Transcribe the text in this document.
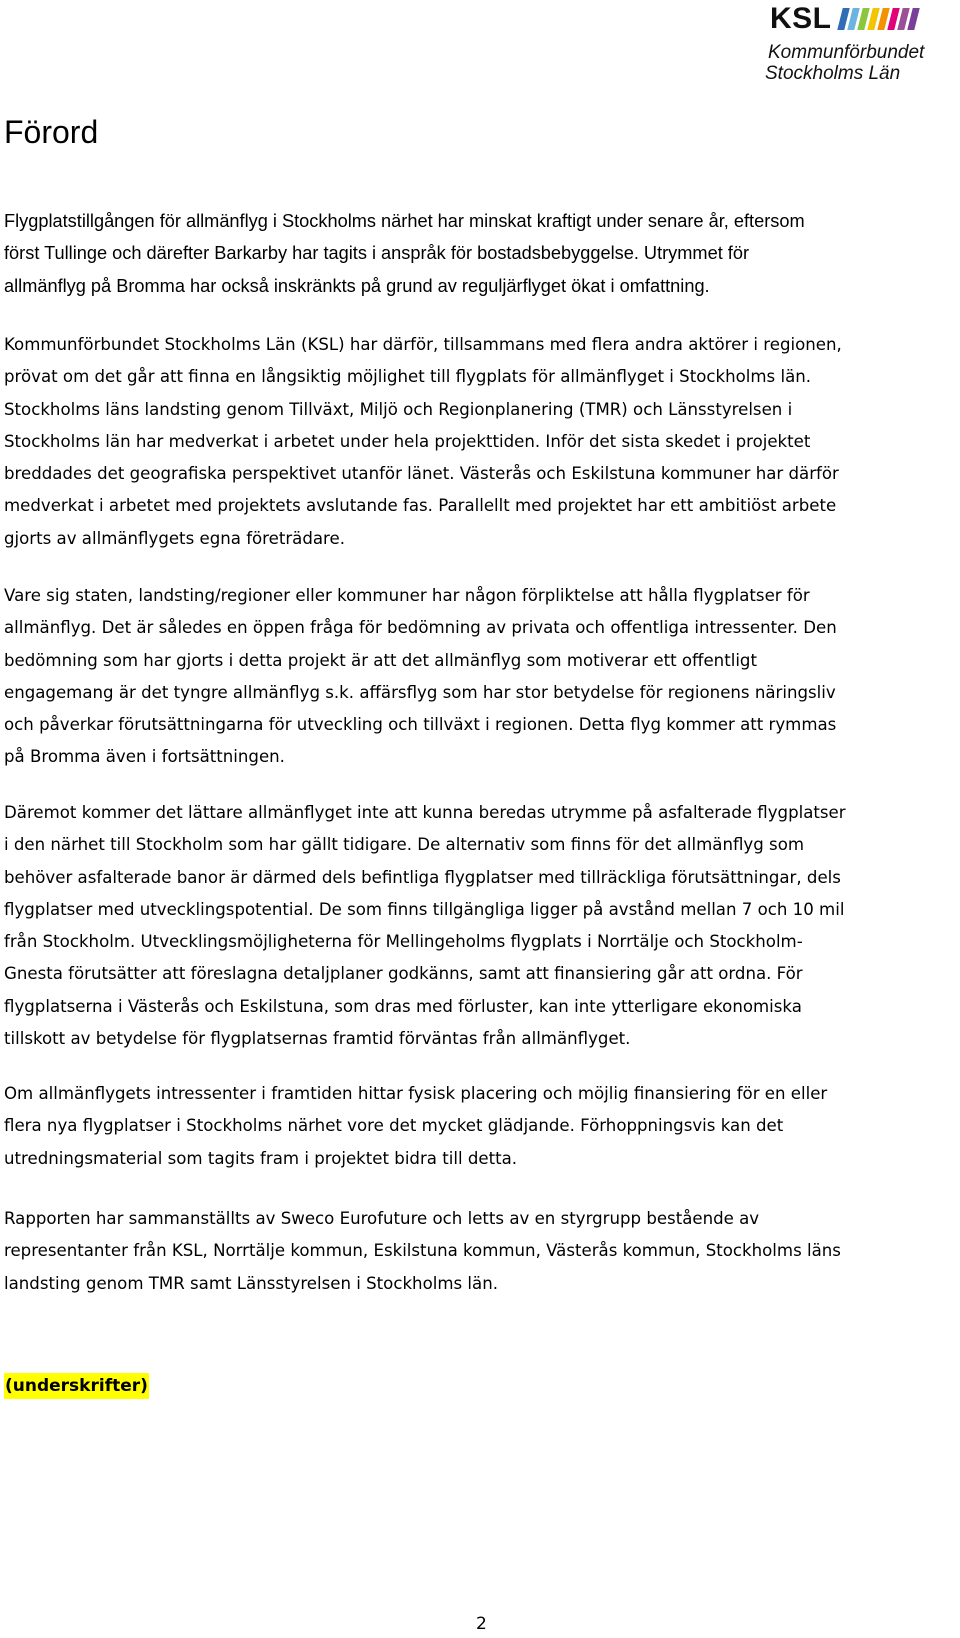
KSL
Kommunförbundet
Stockholms Län
Förord

Flygplatstillgången för allmänflyg i Stockholms närhet har minskat kraftigt under senare år, eftersom
först Tullinge och därefter Barkarby har tagits i anspråk för bostadsbebyggelse. Utrymmet för
allmänflyg på Bromma har också inskränkts på grund av reguljärflyget ökat i omfattning.

Kommunförbundet Stockholms Län (KSL) har därför, tillsammans med flera andra aktörer i regionen,
prövat om det går att finna en långsiktig möjlighet till flygplats för allmänflyget i Stockholms län.
Stockholms läns landsting genom Tillväxt, Miljö och Regionplanering (TMR) och Länsstyrelsen i
Stockholms län har medverkat i arbetet under hela projekttiden. Inför det sista skedet i projektet
breddades det geografiska perspektivet utanför länet. Västerås och Eskilstuna kommuner har därför
medverkat i arbetet med projektets avslutande fas. Parallellt med projektet har ett ambitiöst arbete
gjorts av allmänflygets egna företrädare.

Vare sig staten, landsting/regioner eller kommuner har någon förpliktelse att hålla flygplatser för
allmänflyg. Det är således en öppen fråga för bedömning av privata och offentliga intressenter. Den
bedömning som har gjorts i detta projekt är att det allmänflyg som motiverar ett offentligt
engagemang är det tyngre allmänflyg s.k. affärsflyg som har stor betydelse för regionens näringsliv
och påverkar förutsättningarna för utveckling och tillväxt i regionen. Detta flyg kommer att rymmas
på Bromma även i fortsättningen.

Däremot kommer det lättare allmänflyget inte att kunna beredas utrymme på asfalterade flygplatser
i den närhet till Stockholm som har gällt tidigare. De alternativ som finns för det allmänflyg som
behöver asfalterade banor är därmed dels befintliga flygplatser med tillräckliga förutsättningar, dels
flygplatser med utvecklingspotential. De som finns tillgängliga ligger på avstånd mellan 7 och 10 mil
från Stockholm. Utvecklingsmöjligheterna för Mellingeholms flygplats i Norrtälje och Stockholm-
Gnesta förutsätter att föreslagna detaljplaner godkänns, samt att finansiering går att ordna. För
flygplatserna i Västerås och Eskilstuna, som dras med förluster, kan inte ytterligare ekonomiska
tillskott av betydelse för flygplatsernas framtid förväntas från allmänflyget.

Om allmänflygets intressenter i framtiden hittar fysisk placering och möjlig finansiering för en eller
flera nya flygplatser i Stockholms närhet vore det mycket glädjande. Förhoppningsvis kan det
utredningsmaterial som tagits fram i projektet bidra till detta.

Rapporten har sammanställts av Sweco Eurofuture och letts av en styrgrupp bestående av
representanter från KSL, Norrtälje kommun, Eskilstuna kommun, Västerås kommun, Stockholms läns
landsting genom TMR samt Länsstyrelsen i Stockholms län.

(underskrifter)
2
